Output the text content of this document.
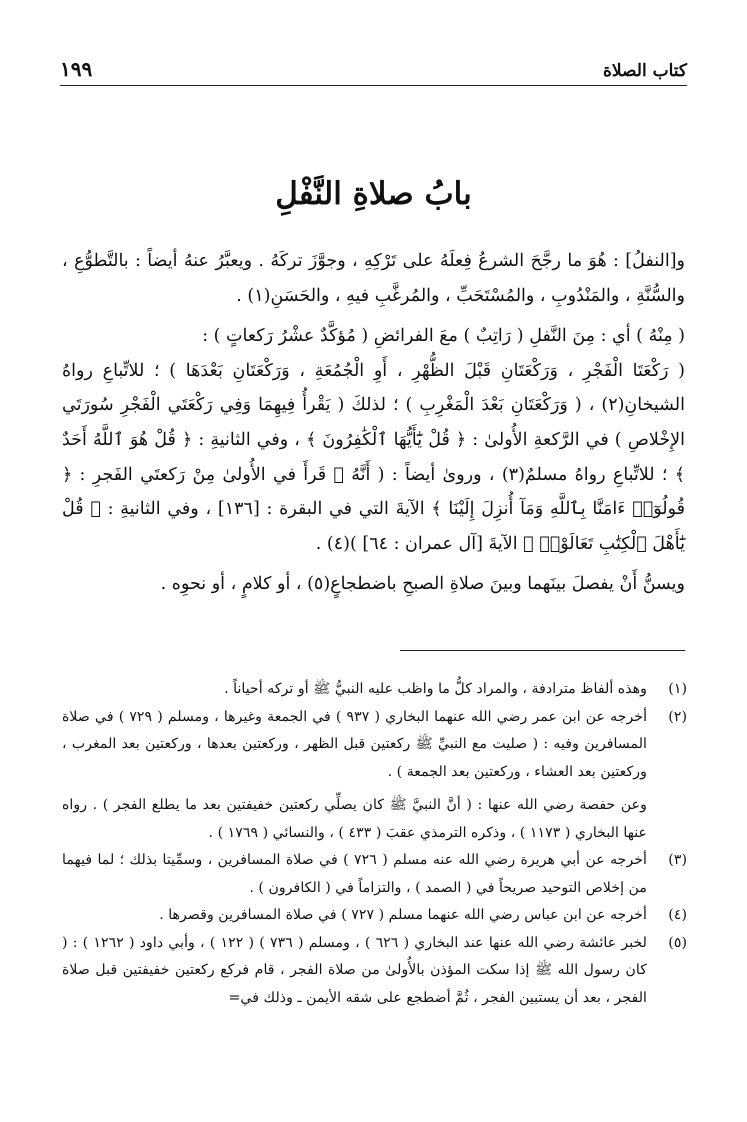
١٩٩	كتاب الصلاة
بابُ صلاةِ النَّفْلِ

و[النفلُ] : هُوَ ما رجَّحَ الشرعُ فِعلَهُ على تَرْكِهِ ، وجوَّزَ تركَهُ . ويعبَّرُ عنهُ أيضاً : بالتَّطوُّعِ ، والسُّنَّةِ ، والمَنْدُوبِ ، والمُسْتَحَبِّ ، والمُرغَّبِ فيهِ ، والحَسَنِ(١) .

( مِنْهُ ) أي : مِنَ النَّفلِ ( رَاتِبٌ ) معَ الفرائضِ ( مُؤكَّدٌ عشْرُ رَكعاتٍ ) :

( رَكْعَتَا الْفَجْرِ ، وَرَكْعَتَانِ قَبْلَ الظُّهْرِ ، أَوِ الْجُمُعَةِ ، وَرَكْعَتَانِ بَعْدَهَا ) ؛ للاتِّباعِ رواهُ الشيخانِ(٢) ، ( وَرَكْعَتَانِ بَعْدَ الْمَغْرِبِ ) ؛ لذلكَ ( يَقْرأُ فِيهِمَا وَفِي رَكْعَتَي الْفَجْرِ سُورَتَي الإِخْلاصِ ) في الرَّكعةِ الأُولىٰ : ﴿ قُلْ يَٰٓأَيُّهَا ٱلْكَٰفِرُونَ ﴾ ، وفي الثانيةِ : ﴿ قُلْ هُوَ ٱللَّهُ أَحَدٌ ﴾ ؛ للاتِّباعِ رواهُ مسلمٌ(٣) ، وروىٰ أيضاً : ( أَنَّهُ ﷺ قَرأَ في الأُولىٰ مِنْ رَكعتَي الفَجرِ : ﴿ قُولُوٓا۟ ءَامَنَّا بِٱللَّهِ وَمَآ أُنزِلَ إِلَيْنَا ﴾ الآيةَ التي في البقرة : [١٣٦] ، وفي الثانيةِ : ﴿ قُلْ يَٰٓأَهْلَ ٱلْكِتَٰبِ تَعَالَوْا۟ ﴾ الآيةَ [آل عمران : ٦٤] )(٤) .

ويسنُّ أَنْ يفصلَ بينَهما وبينَ صلاةِ الصبحِ باضطجاعٍ(٥) ، أو كلامٍ ، أو نحوِه .

(١)

وهذه ألفاظ مترادفة ، والمراد كلُّ ما واظب عليه النبيُّ ﷺ أو تركه أحياناً .

(٢)

أخرجه عن ابن عمر رضي الله عنهما البخاري ( ٩٣٧ ) في الجمعة وغيرها ، ومسلم ( ٧٢٩ ) في صلاة المسافرين وفيه : ( صليت مع النبيِّ ﷺ ركعتين قبل الظهر ، وركعتين بعدها ، وركعتين بعد المغرب ، وركعتين بعد العشاء ، وركعتين بعد الجمعة ) .

وعن حفصة رضي الله عنها : ( أنَّ النبيَّ ﷺ كان يصلِّي ركعتين خفيفتين بعد ما يطلع الفجر ) . رواه عنها البخاري ( ١١٧٣ ) ، وذكره الترمذي عقبَ ( ٤٣٣ ) ، والنسائي ( ١٧٦٩ ) .

(٣)

أخرجه عن أبي هريرة رضي الله عنه مسلم ( ٧٢٦ ) في صلاة المسافرين ، وسمِّيتا بذلك ؛ لما فيهما من إخلاص التوحيد صريحاً في ( الصمد ) ، والتزاماً في ( الكافرون ) .

(٤)

أخرجه عن ابن عباس رضي الله عنهما مسلم ( ٧٢٧ ) في صلاة المسافرين وقصرها .

(٥)

لخبر عائشة رضي الله عنها عند البخاري ( ٦٢٦ ) ، ومسلم ( ٧٣٦ ) ( ١٢٢ ) ، وأبي داود ( ١٢٦٢ ) : ( كان رسول الله ﷺ إذا سكت المؤذن بالأُولىٰ من صلاة الفجر ، قام فركع ركعتين خفيفتين قبل صلاة الفجر ، بعد أن يستبين الفجر ، ثُمَّ أضطجع على شقه الأيمن ـ وذلك في=
